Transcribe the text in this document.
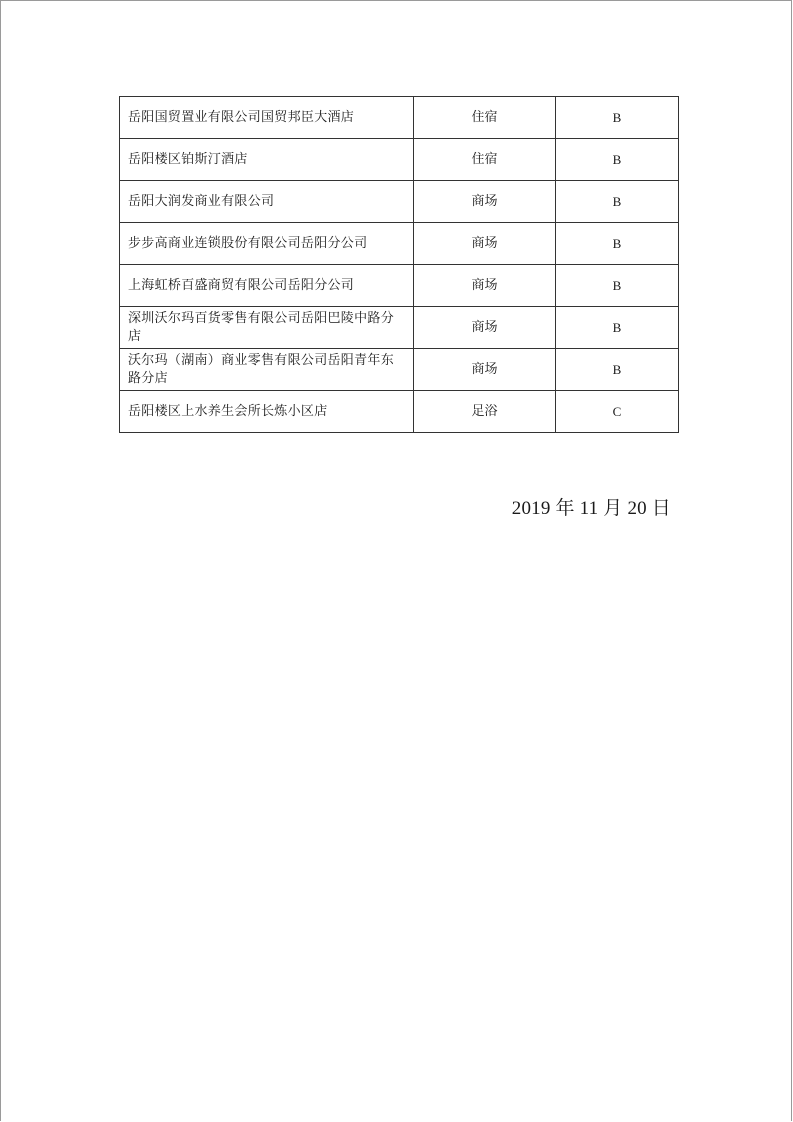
岳阳国贸置业有限公司国贸邦臣大酒店	住宿	B
岳阳楼区铂斯汀酒店	住宿	B
岳阳大润发商业有限公司	商场	B
步步高商业连锁股份有限公司岳阳分公司	商场	B
上海虹桥百盛商贸有限公司岳阳分公司	商场	B
深圳沃尔玛百货零售有限公司岳阳巴陵中路分店	商场	B
沃尔玛（湖南）商业零售有限公司岳阳青年东路分店	商场	B
岳阳楼区上水养生会所长炼小区店	足浴	C
2019 年 11 月 20 日
